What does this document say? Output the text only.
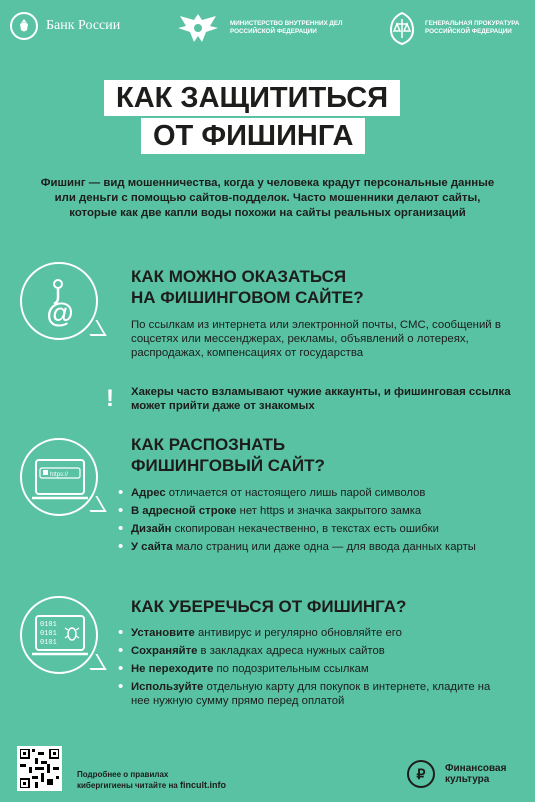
Банк России	МИНИСТЕРСТВО ВНУТРЕННИХ ДЕЛ РОССИЙСКОЙ ФЕДЕРАЦИИ
ГЕНЕРАЛЬНАЯ ПРОКУРАТУРА РОССИЙСКОЙ ФЕДЕРАЦИИ
КАК ЗАЩИТИТЬСЯ
ОТ ФИШИНГА
Фишинг — вид мошенничества, когда у человека крадут персональные данные или деньги с помощью сайтов-подделок. Часто мошенники делают сайты, которые как две капли воды похожи на сайты реальных организаций
@
КАК МОЖНО ОКАЗАТЬСЯ
НА ФИШИНГОВОМ САЙТЕ?
По ссылкам из интернета или электронной почты, СМС, сообщений в соцсетях или мессенджерах, рекламы, объявлений о лотереях, распродажах, компенсациях от государства
! Хакеры часто взламывают чужие аккаунты, и фишинговая ссылка может прийти даже от знакомых
https://
КАК РАСПОЗНАТЬ
ФИШИНГОВЫЙ САЙТ?
• Адрес отличается от настоящего лишь парой символов
• В адресной строке нет https и значка закрытого замка
• Дизайн скопирован некачественно, в текстах есть ошибки
• У сайта мало страниц или даже одна — для ввода данных карты
0101
0101
0101
КАК УБЕРЕЧЬСЯ ОТ ФИШИНГА?
• Установите антивирус и регулярно обновляйте его
• Сохраняйте в закладках адреса нужных сайтов
• Не переходите по подозрительным ссылкам
• Используйте отдельную карту для покупок в интернете, кладите на нее нужную сумму прямо перед оплатой
Подробнее о правилах
кибергигиены читайте на fincult.info
₽	Финансовая
культура
